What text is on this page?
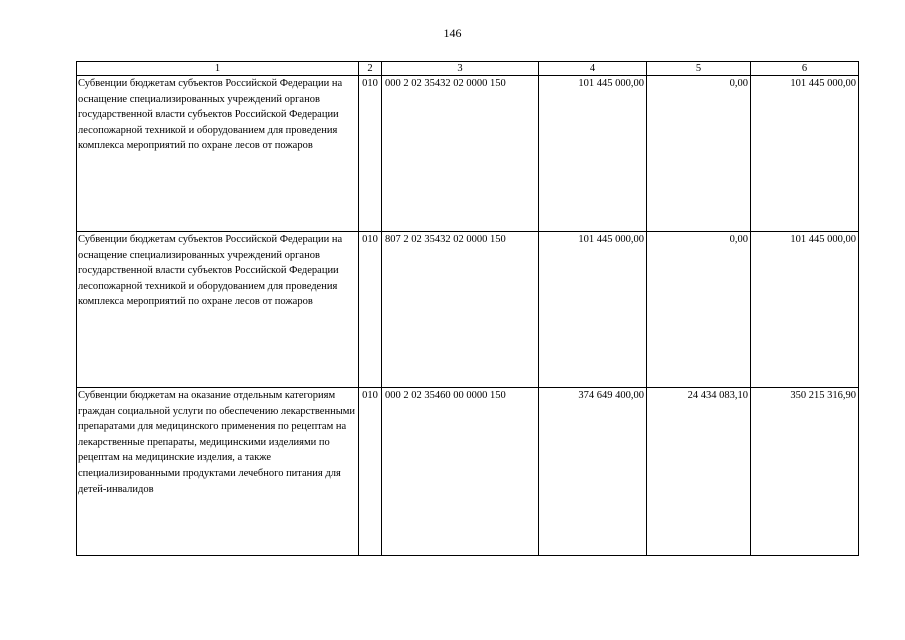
146
1	2	3	4	5	6
Субвенции бюджетам субъектов Российской Федерации на оснащение специализированных учреждений органов государственной власти субъектов Российской Федерации лесопожарной техникой и оборудованием для проведения комплекса мероприятий по охране лесов от пожаров	010	000 2 02 35432 02 0000 150	101 445 000,00	0,00	101 445 000,00
Субвенции бюджетам субъектов Российской Федерации на оснащение специализированных учреждений органов государственной власти субъектов Российской Федерации лесопожарной техникой и оборудованием для проведения комплекса мероприятий по охране лесов от пожаров	010	807 2 02 35432 02 0000 150	101 445 000,00	0,00	101 445 000,00
Субвенции бюджетам на оказание отдельным категориям граждан социальной услуги по обеспечению лекарственными препаратами для медицинского применения по рецептам на лекарственные препараты, медицинскими изделиями по рецептам на медицинские изделия, а также специализированными продуктами лечебного питания для детей-инвалидов	010	000 2 02 35460 00 0000 150	374 649 400,00	24 434 083,10	350 215 316,90
